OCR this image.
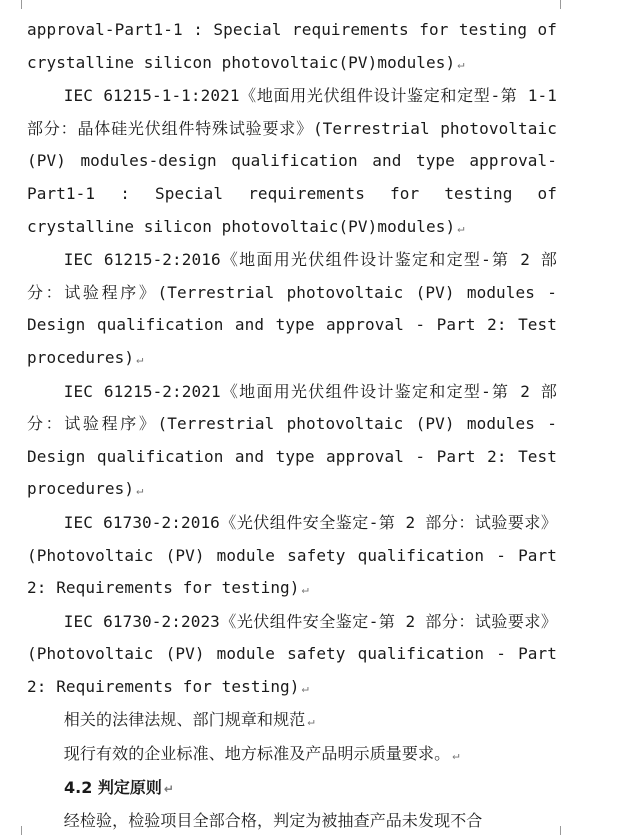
approval-Part1-1 : Special requirements for testing of crystalline silicon photovoltaic(PV)modules) ↵

IEC 61215-1-1:2021《地面用光伏组件设计鉴定和定型-第 1-1 部分：晶体硅光伏组件特殊试验要求》(Terrestrial photovoltaic (PV) modules-design qualification and type approval-Part1-1 : Special requirements for testing of crystalline silicon photovoltaic(PV)modules) ↵

IEC 61215-2:2016《地面用光伏组件设计鉴定和定型-第 2 部分：试验程序》(Terrestrial photovoltaic (PV) modules - Design qualification and type approval - Part 2: Test procedures) ↵

IEC 61215-2:2021《地面用光伏组件设计鉴定和定型-第 2 部分：试验程序》(Terrestrial photovoltaic (PV) modules - Design qualification and type approval - Part 2: Test procedures) ↵

IEC 61730-2:2016《光伏组件安全鉴定-第 2 部分：试验要求》(Photovoltaic (PV) module safety qualification - Part 2: Requirements for testing) ↵

IEC 61730-2:2023《光伏组件安全鉴定-第 2 部分：试验要求》(Photovoltaic (PV) module safety qualification - Part 2: Requirements for testing) ↵

相关的法律法规、部门规章和规范 ↵

现行有效的企业标准、地方标准及产品明示质量要求。 ↵

4.2 判定原则 ↵

经检验，检验项目全部合格，判定为被抽查产品未发现不合
